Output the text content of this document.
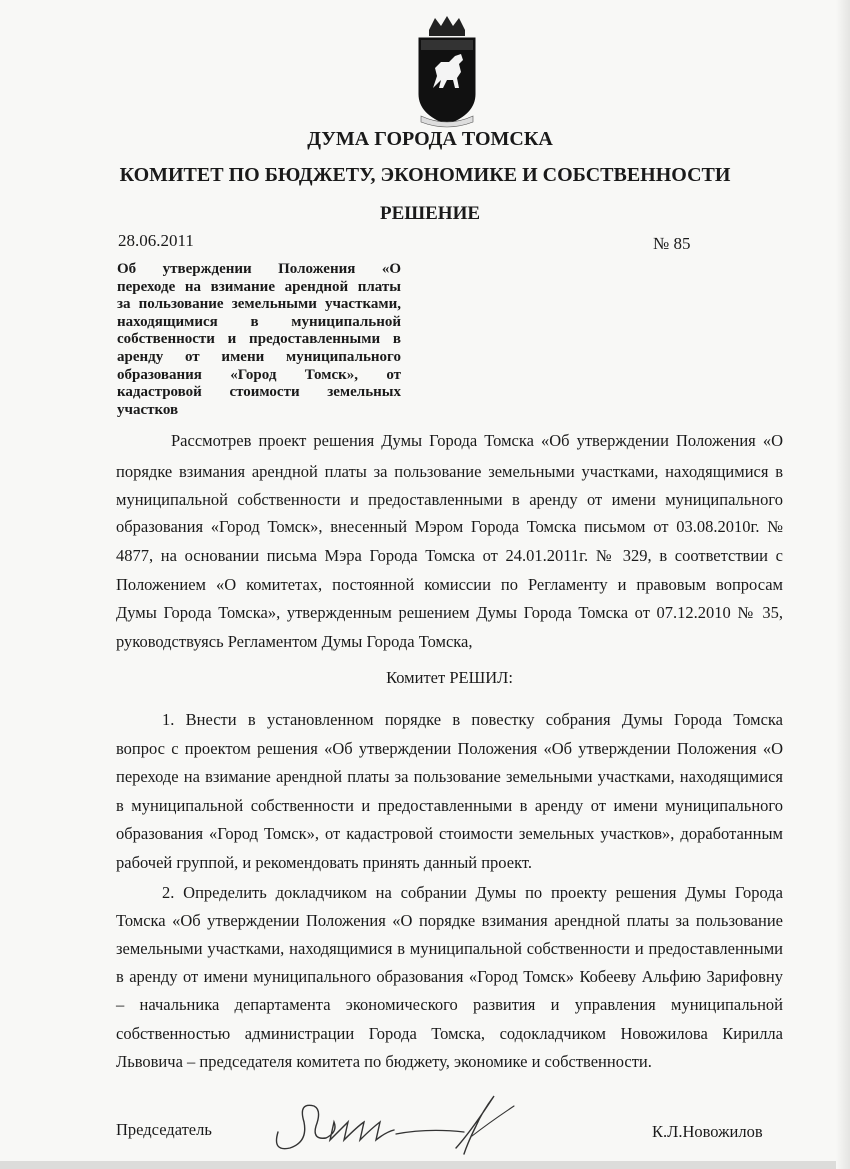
ДУМА ГОРОДА ТОМСКА
КОМИТЕТ ПО БЮДЖЕТУ, ЭКОНОМИКЕ И СОБСТВЕННОСТИ
РЕШЕНИЕ
28.06.2011	№ 85
Об утверждении Положения «О
переходе на взимание арендной платы
за пользование земельными участками,
находящимися в муниципальной
собственности и предоставленными в
аренду от имени муниципального
образования «Город Томск», от
кадастровой стоимости земельных
участков
Рассмотрев проект решения Думы Города Томска «Об утверждении Положения «О
порядке взимания арендной платы за пользование земельными участками, находящимися в
муниципальной собственности и предоставленными в аренду от имени муниципального
образования «Город Томск», внесенный Мэром Города Томска письмом от 03.08.2010г. №
4877, на основании письма Мэра Города Томска от 24.01.2011г. № 329, в соответствии с
Положением «О комитетах, постоянной комиссии по Регламенту и правовым вопросам
Думы Города Томска», утвержденным решением Думы Города Томска от 07.12.2010 № 35,
руководствуясь Регламентом Думы Города Томска,
Комитет РЕШИЛ:
1. Внести в установленном порядке в повестку собрания Думы Города Томска
вопрос с проектом решения «Об утверждении Положения «Об утверждении Положения «О
переходе на взимание арендной платы за пользование земельными участками, находящимися
в муниципальной собственности и предоставленными в аренду от имени муниципального
образования «Город Томск», от кадастровой стоимости земельных участков», доработанным
рабочей группой, и рекомендовать принять данный проект.
2. Определить докладчиком на собрании Думы по проекту решения Думы Города
Томска «Об утверждении Положения «О порядке взимания арендной платы за пользование
земельными участками, находящимися в муниципальной собственности и предоставленными
в аренду от имени муниципального образования «Город Томск» Кобееву Альфию Зарифовну
– начальника департамента экономического развития и управления муниципальной
собственностью администрации Города Томска, содокладчиком Новожилова Кирилла
Львовича – председателя комитета по бюджету, экономике и собственности.
Председатель	К.Л.Новожилов
